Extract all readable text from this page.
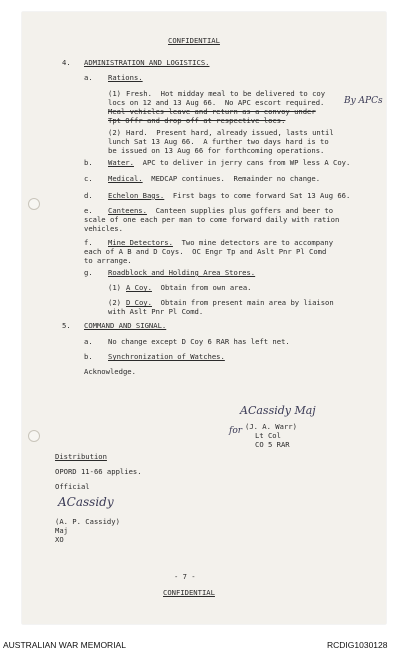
CONFIDENTIAL
4. ADMINISTRATION AND LOGISTICS.
a. Rations.
(1) Fresh.  Hot midday meal to be delivered to coy
locs on 12 and 13 Aug 66.  No APC escort required.
Meal vehicles leave and return as a convoy under
Tpt Offr and drop off at respective locs.
By APCs
(2) Hard.  Present hard, already issued, lasts until
lunch Sat 13 Aug 66.  A further two days hard is to
be issued on 13 Aug 66 for forthcoming operations.
b. Water.  APC to deliver in jerry cans from WP less A Coy.
c. Medical.  MEDCAP continues.  Remainder no change.
d. Echelon Bags.  First bags to come forward Sat 13 Aug 66.
e. Canteens.  Canteen supplies plus goffers and beer to
scale of one each per man to come forward daily with ration
vehicles.
f. Mine Detectors.  Two mine detectors are to accompany
each of A B and D Coys.  OC Engr Tp and Aslt Pnr Pl Comd
to arrange.
g. Roadblock and Holding Area Stores.
(1) A Coy.  Obtain from own area.
(2) D Coy.  Obtain from present main area by liaison
with Aslt Pnr Pl Comd.
5. COMMAND AND SIGNAL.
a. No change except D Coy 6 RAR has left net.
b. Synchronization of Watches.
Acknowledge.
ACassidy Maj
for (J. A. Warr)
Lt Col
CO 5 RAR
Distribution
OPORD 11-66 applies.
Official
ACassidy
(A. P. Cassidy)
Maj
XO
- 7 -
CONFIDENTIAL
AUSTRALIAN WAR MEMORIAL	RCDIG1030128
